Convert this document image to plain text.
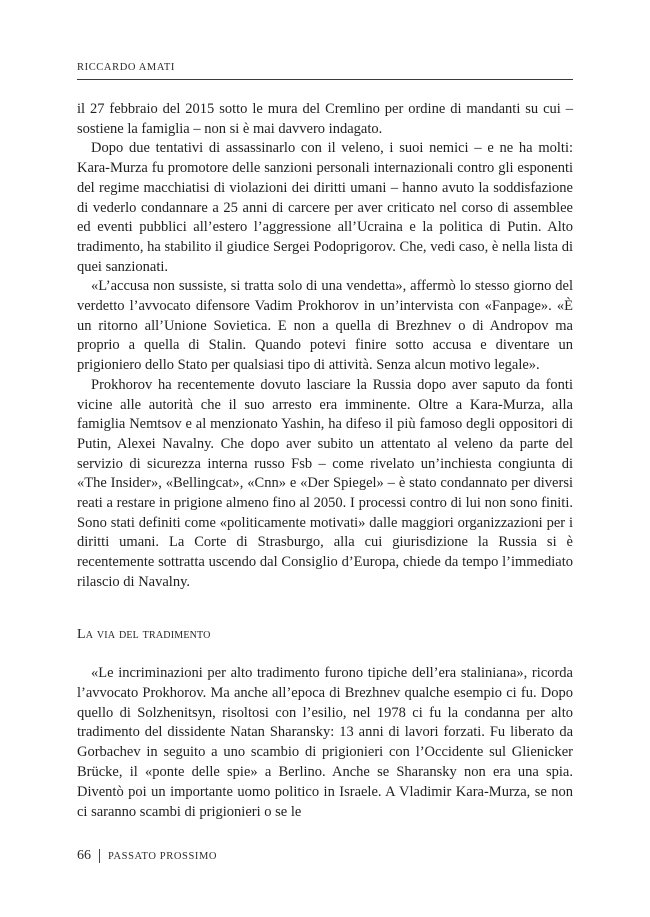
RICCARDO AMATI

il 27 febbraio del 2015 sotto le mura del Cremlino per ordine di mandanti su cui – sostiene la famiglia – non si è mai davvero indagato.

Dopo due tentativi di assassinarlo con il veleno, i suoi nemici – e ne ha molti: Kara-Murza fu promotore delle sanzioni personali internazionali contro gli esponenti del regime macchiatisi di violazioni dei diritti umani – hanno avuto la soddisfazione di vederlo condannare a 25 anni di carcere per aver criticato nel corso di assemblee ed eventi pubblici all’estero l’aggressione all’Ucraina e la politica di Putin. Alto tradimento, ha stabilito il giudice Sergei Podoprigorov. Che, vedi caso, è nella lista di quei sanzionati.

«L’accusa non sussiste, si tratta solo di una vendetta», affermò lo stesso giorno del verdetto l’avvocato difensore Vadim Prokhorov in un’intervista con «Fanpage». «È un ritorno all’Unione Sovietica. E non a quella di Brezhnev o di Andropov ma proprio a quella di Stalin. Quando potevi finire sotto accusa e diventare un prigioniero dello Stato per qualsiasi tipo di attività. Senza alcun motivo legale».

Prokhorov ha recentemente dovuto lasciare la Russia dopo aver saputo da fonti vicine alle autorità che il suo arresto era imminente. Oltre a Kara-Murza, alla famiglia Nemtsov e al menzionato Yashin, ha difeso il più famoso degli oppositori di Putin, Alexei Navalny. Che dopo aver subito un attentato al veleno da parte del servizio di sicurezza interna russo Fsb – come rivelato un’inchiesta congiunta di «The Insider», «Bellingcat», «Cnn» e «Der Spiegel» – è stato condannato per diversi reati a restare in prigione almeno fino al 2050. I processi contro di lui non sono finiti. Sono stati definiti come «politicamente motivati» dalle maggiori organizzazioni per i diritti umani. La Corte di Strasburgo, alla cui giurisdizione la Russia si è recentemente sottratta uscendo dal Consiglio d’Europa, chiede da tempo l’immediato rilascio di Navalny.

La via del tradimento

«Le incriminazioni per alto tradimento furono tipiche dell’era staliniana», ricorda l’avvocato Prokhorov. Ma anche all’epoca di Brezhnev qualche esempio ci fu. Dopo quello di Solzhenitsyn, risoltosi con l’esilio, nel 1978 ci fu la condanna per alto tradimento del dissidente Natan Sharansky: 13 anni di lavori forzati. Fu liberato da Gorbachev in seguito a uno scambio di prigionieri con l’Occidente sul Glienicker Brücke, il «ponte delle spie» a Berlino. Anche se Sharansky non era una spia. Diventò poi un importante uomo politico in Israele. A Vladimir Kara-Murza, se non ci saranno scambi di prigionieri o se le

66 PASSATO PROSSIMO
